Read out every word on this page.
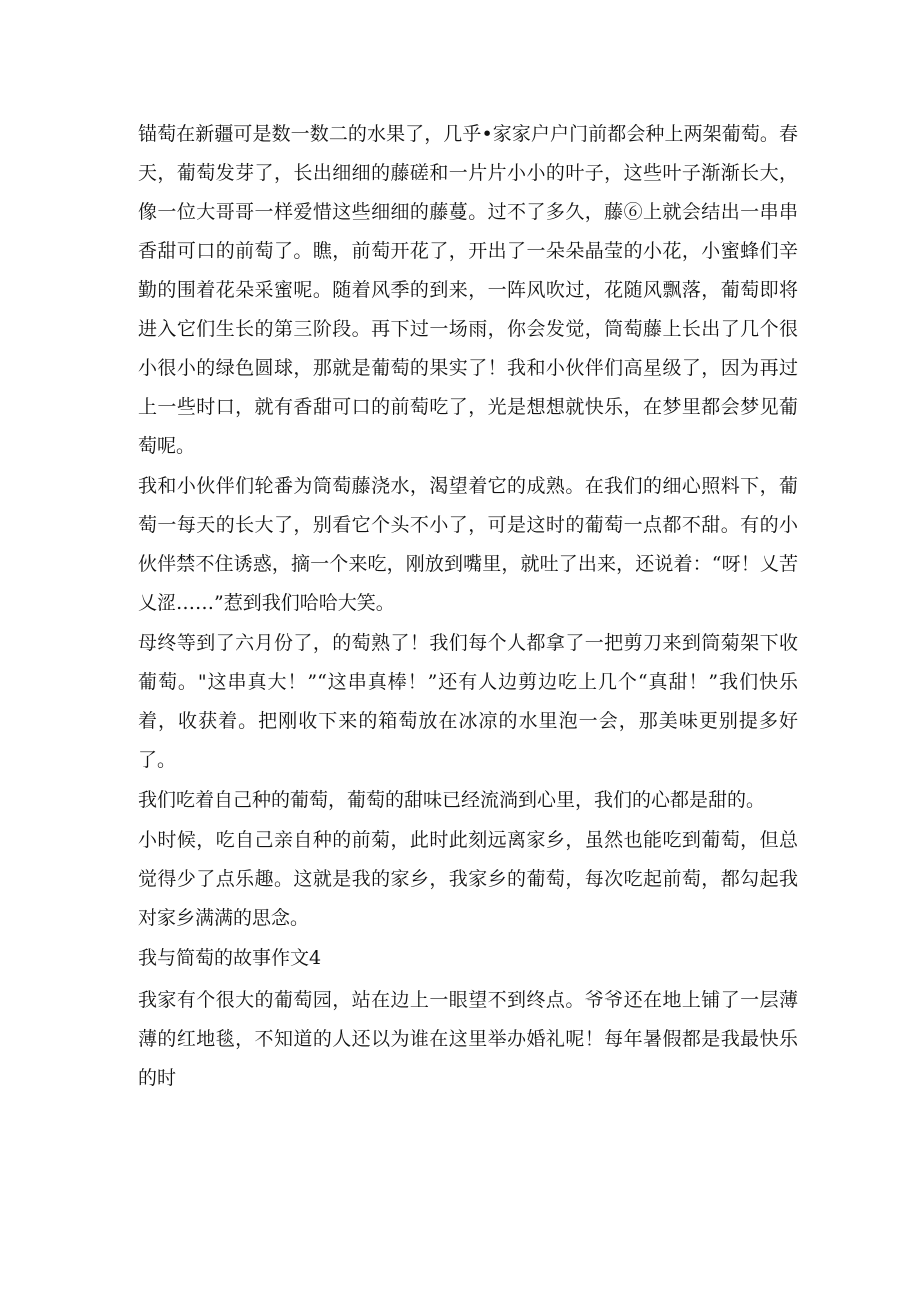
锚萄在新疆可是数一数二的水果了，几乎•家家户户门前都会种上两架葡萄。春天，葡萄发芽了，长出细细的藤磋和一片片小小的叶子，这些叶子渐渐长大，像一位大哥哥一样爱惜这些细细的藤蔓。过不了多久，藤⑥上就会结出一串串香甜可口的前萄了。瞧，前萄开花了，开出了一朵朵晶莹的小花，小蜜蜂们辛勤的围着花朵采蜜呢。随着风季的到来，一阵风吹过，花随风飘落，葡萄即将进入它们生长的第三阶段。再下过一场雨，你会发觉，筒萄藤上长出了几个很小很小的绿色圆球，那就是葡萄的果实了！我和小伙伴们高星级了，因为再过上一些时口，就有香甜可口的前萄吃了，光是想想就快乐，在梦里都会梦见葡萄呢。

我和小伙伴们轮番为筒萄藤浇水，渴望着它的成熟。在我们的细心照料下，葡萄一每天的长大了，别看它个头不小了，可是这时的葡萄一点都不甜。有的小伙伴禁不住诱惑，摘一个来吃，刚放到嘴里，就吐了出来，还说着：“呀！乂苦乂涩……”惹到我们哈哈大笑。

母终等到了六月份了，的萄熟了！我们每个人都拿了一把剪刀来到筒菊架下收葡萄。"这串真大！”“这串真棒！”还有人边剪边吃上几个“真甜！”我们快乐着，收获着。把刚收下来的箱萄放在冰凉的水里泡一会，那美味更别提多好了。

我们吃着自己种的葡萄，葡萄的甜味已经流淌到心里，我们的心都是甜的。

小时候，吃自己亲自种的前菊，此时此刻远离家乡，虽然也能吃到葡萄，但总觉得少了点乐趣。这就是我的家乡，我家乡的葡萄，每次吃起前萄，都勾起我对家乡满满的思念。

我与简萄的故事作文4

我家有个很大的葡萄园，站在边上一眼望不到终点。爷爷还在地上铺了一层薄薄的红地毯，不知道的人还以为谁在这里举办婚礼呢！每年暑假都是我最快乐的时
